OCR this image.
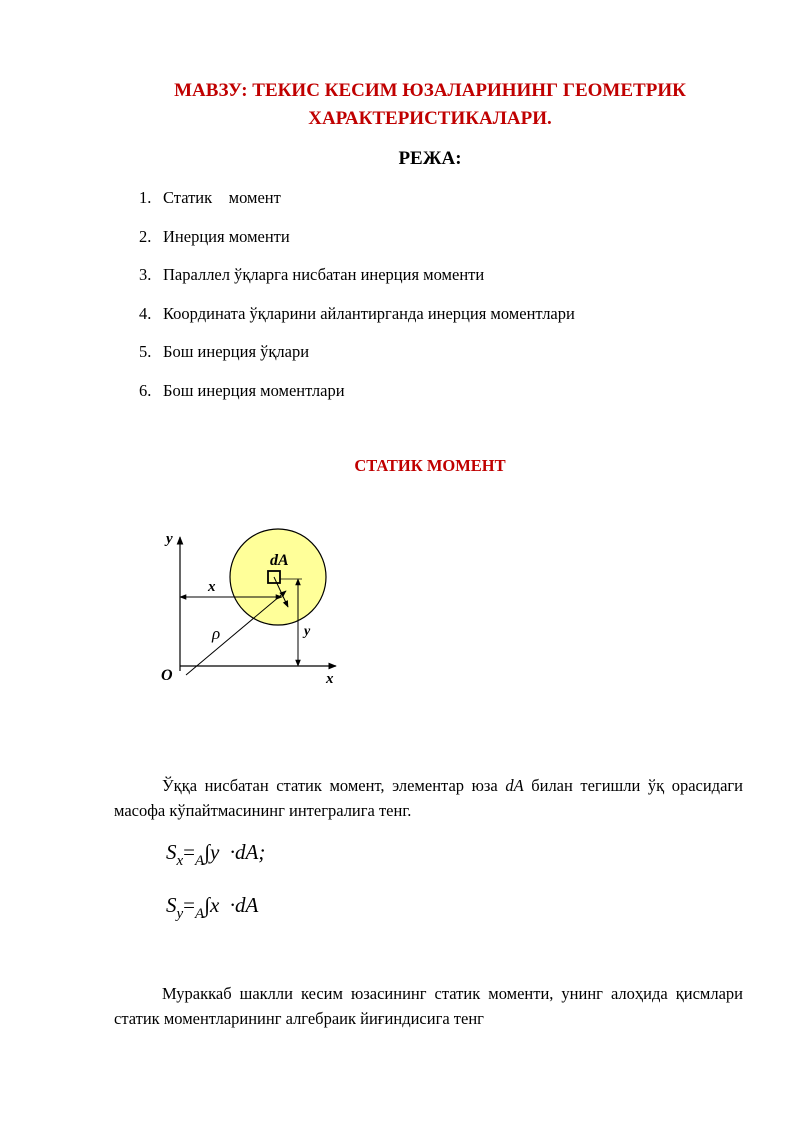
МАВЗУ: ТЕКИС КЕСИМ ЮЗАЛАРИНИНГ ГЕОМЕТРИК
ХАРАКТЕРИСТИКАЛАРИ.
РЕЖА:
1. Статик    момент
2. Инерция моменти
3. Параллел ўқларга нисбатан инерция моменти
4. Координата ўқларини айлантирганда инерция моментлари
5. Бош инерция ўқлари
6. Бош инерция моментлари
СТАТИК МОМЕНТ
y
x
O
dA
x
y
ρ

Ўққа нисбатан статик момент, элементар юза dA билан тегишли ўқ орасидаги масофа кўпайтмасининг интегралига тенг.

$S_x=_A\int y \cdot dA$;
$S_y=_A\int x \cdot dA$

Мураккаб шаклли кесим юзасининг статик моменти, унинг алоҳида қисмлари статик моментларининг алгебраик йиғиндисига тенг
